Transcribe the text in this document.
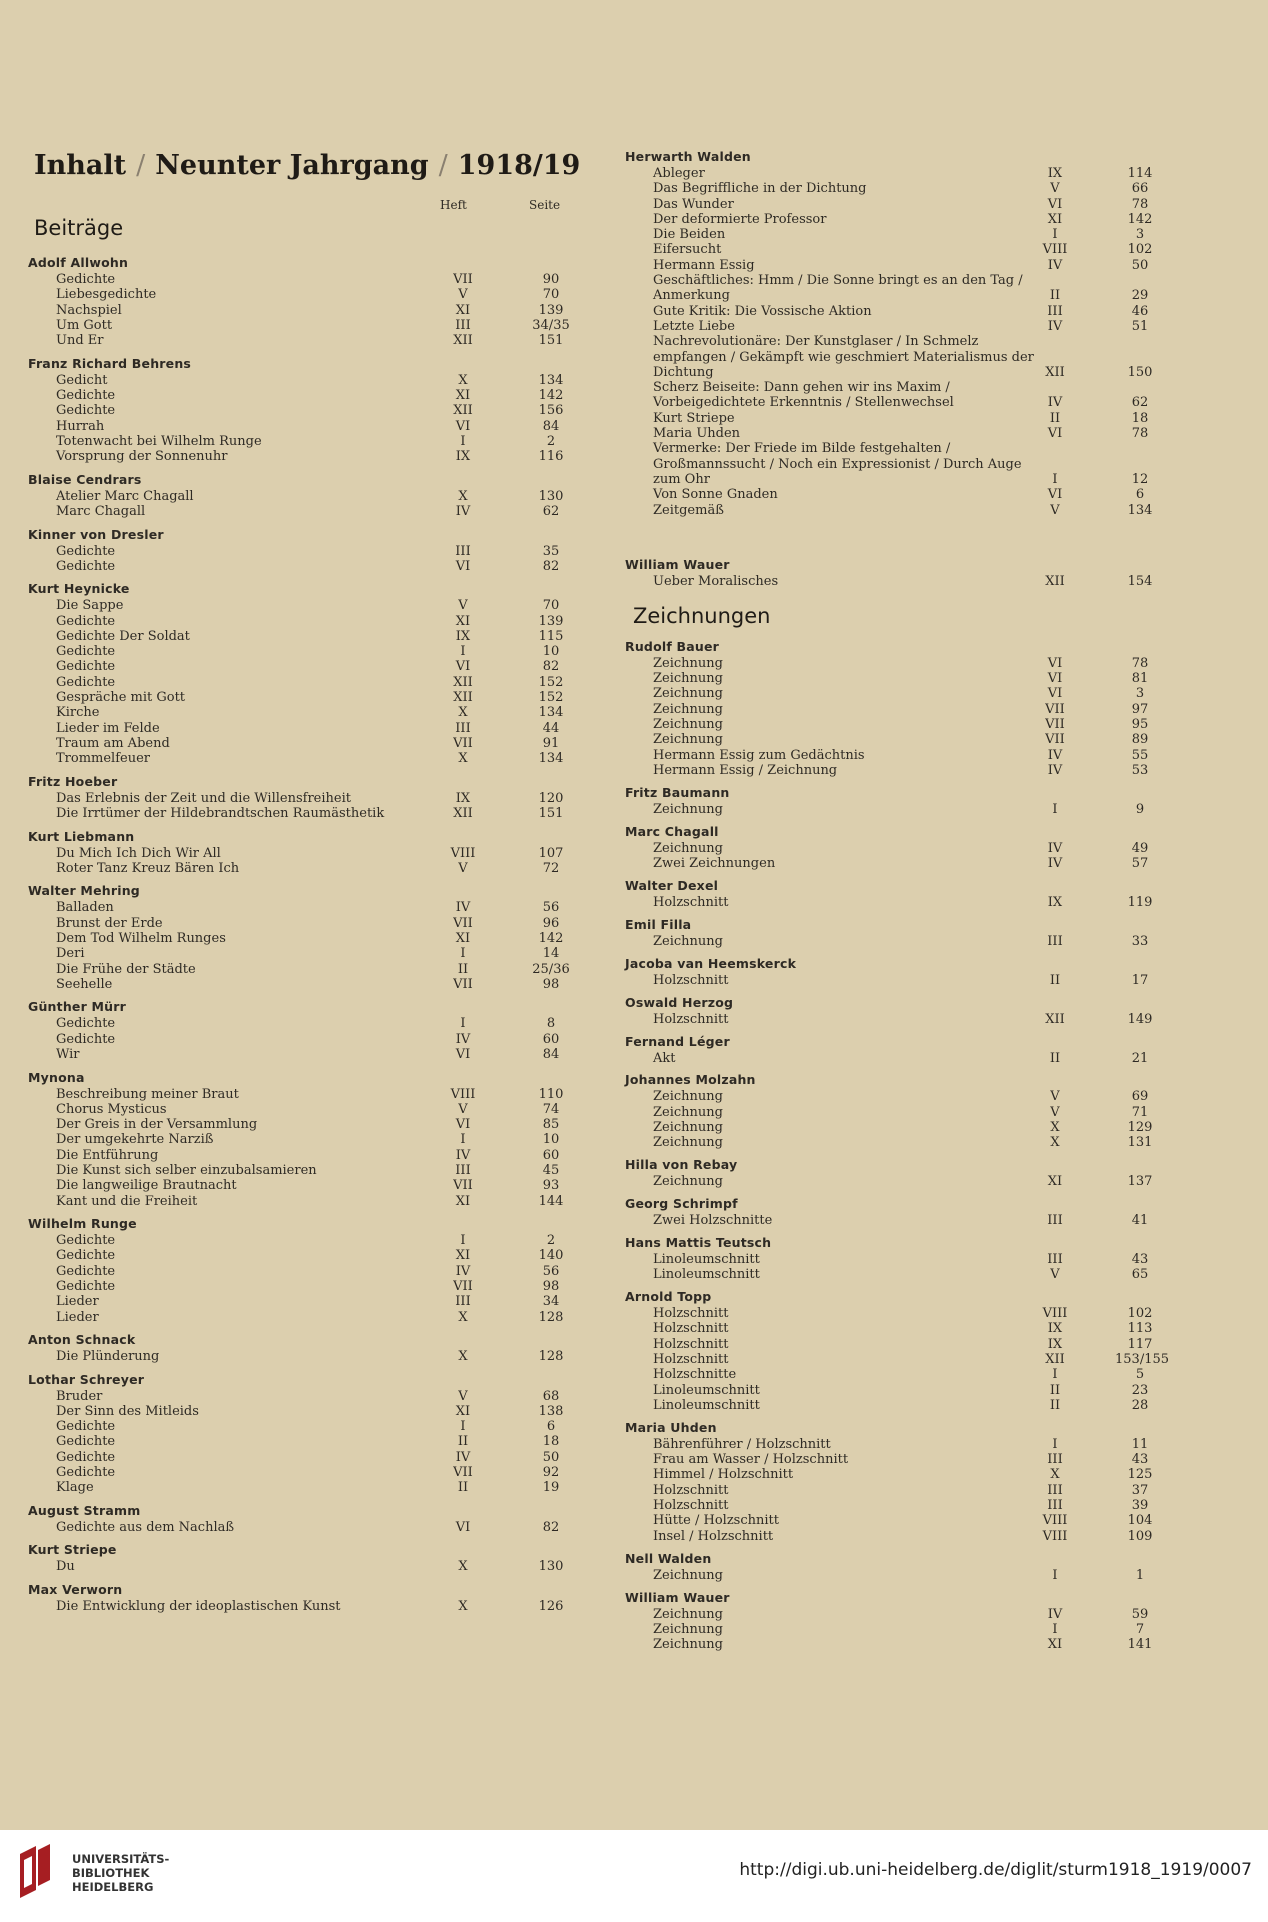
Inhalt / Neunter Jahrgang / 1918/19
Heft	Seite
Beiträge
Adolf Allwohn
Gedichte	VII	90
Liebesgedichte	V	70
Nachspiel	XI	139
Um Gott	III	34/35
Und Er	XII	151
Franz Richard Behrens
Gedicht	X	134
Gedichte	XI	142
Gedichte	XII	156
Hurrah	VI	84
Totenwacht bei Wilhelm Runge	I	2
Vorsprung der Sonnenuhr	IX	116
Blaise Cendrars
Atelier Marc Chagall	X	130
Marc Chagall	IV	62
Kinner von Dresler
Gedichte	III	35
Gedichte	VI	82
Kurt Heynicke
Die Sappe	V	70
Gedichte	XI	139
Gedichte Der Soldat	IX	115
Gedichte	I	10
Gedichte	VI	82
Gedichte	XII	152
Gespräche mit Gott	XII	152
Kirche	X	134
Lieder im Felde	III	44
Traum am Abend	VII	91
Trommelfeuer	X	134
Fritz Hoeber
Das Erlebnis der Zeit und die Willensfreiheit	IX	120
Die Irrtümer der Hildebrandtschen Raumästhetik	XII	151
Kurt Liebmann
Du Mich Ich Dich Wir All	VIII	107
Roter Tanz Kreuz Bären Ich	V	72
Walter Mehring
Balladen	IV	56
Brunst der Erde	VII	96
Dem Tod Wilhelm Runges	XI	142
Deri	I	14
Die Frühe der Städte	II	25/36
Seehelle	VII	98
Günther Mürr
Gedichte	I	8
Gedichte	IV	60
Wir	VI	84
Mynona
Beschreibung meiner Braut	VIII	110
Chorus Mysticus	V	74
Der Greis in der Versammlung	VI	85
Der umgekehrte Narziß	I	10
Die Entführung	IV	60
Die Kunst sich selber einzubalsamieren	III	45
Die langweilige Brautnacht	VII	93
Kant und die Freiheit	XI	144
Wilhelm Runge
Gedichte	I	2
Gedichte	XI	140
Gedichte	IV	56
Gedichte	VII	98
Lieder	III	34
Lieder	X	128
Anton Schnack
Die Plünderung	X	128
Lothar Schreyer
Bruder	V	68
Der Sinn des Mitleids	XI	138
Gedichte	I	6
Gedichte	II	18
Gedichte	IV	50
Gedichte	VII	92
Klage	II	19
August Stramm
Gedichte aus dem Nachlaß	VI	82
Kurt Striepe
Du	X	130
Max Verworn
Die Entwicklung der ideoplastischen Kunst	X	126
Herwarth Walden
Ableger	IX	114
Das Begriffliche in der Dichtung	V	66
Das Wunder	VI	78
Der deformierte Professor	XI	142
Die Beiden	I	3
Eifersucht	VIII	102
Hermann Essig	IV	50
Geschäftliches: Hmm / Die Sonne bringt es an den Tag / Anmerkung	II	29
Gute Kritik: Die Vossische Aktion	III	46
Letzte Liebe	IV	51
Nachrevolutionäre: Der Kunstglaser / In Schmelz empfangen / Gekämpft wie geschmiert Materialismus der Dichtung	XII	150
Scherz Beiseite: Dann gehen wir ins Maxim / Vorbeigedichtete Erkenntnis / Stellenwechsel	IV	62
Kurt Striepe	II	18
Maria Uhden	VI	78
Vermerke: Der Friede im Bilde festgehalten / Großmannssucht / Noch ein Expressionist / Durch Auge zum Ohr	I	12
Von Sonne Gnaden	VI	6
Zeitgemäß	V	134
William Wauer
Ueber Moralisches	XII	154
Zeichnungen
Rudolf Bauer
Zeichnung	VI	78
Zeichnung	VI	81
Zeichnung	VI	3
Zeichnung	VII	97
Zeichnung	VII	95
Zeichnung	VII	89
Hermann Essig zum Gedächtnis	IV	55
Hermann Essig / Zeichnung	IV	53
Fritz Baumann
Zeichnung	I	9
Marc Chagall
Zeichnung	IV	49
Zwei Zeichnungen	IV	57
Walter Dexel
Holzschnitt	IX	119
Emil Filla
Zeichnung	III	33
Jacoba van Heemskerck
Holzschnitt	II	17
Oswald Herzog
Holzschnitt	XII	149
Fernand Léger
Akt	II	21
Johannes Molzahn
Zeichnung	V	69
Zeichnung	V	71
Zeichnung	X	129
Zeichnung	X	131
Hilla von Rebay
Zeichnung	XI	137
Georg Schrimpf
Zwei Holzschnitte	III	41
Hans Mattis Teutsch
Linoleumschnitt	III	43
Linoleumschnitt	V	65
Arnold Topp
Holzschnitt	VIII	102
Holzschnitt	IX	113
Holzschnitt	IX	117
Holzschnitt	XII	153/155
Holzschnitte	I	5
Linoleumschnitt	II	23
Linoleumschnitt	II	28
Maria Uhden
Bährenführer / Holzschnitt	I	11
Frau am Wasser / Holzschnitt	III	43
Himmel / Holzschnitt	X	125
Holzschnitt	III	37
Holzschnitt	III	39
Hütte / Holzschnitt	VIII	104
Insel / Holzschnitt	VIII	109
Nell Walden
Zeichnung	I	1
William Wauer
Zeichnung	IV	59
Zeichnung	I	7
Zeichnung	XI	141
UNIVERSITÄTS-
BIBLIOTHEK
HEIDELBERG
http://digi.ub.uni-heidelberg.de/diglit/sturm1918_1919/0007
